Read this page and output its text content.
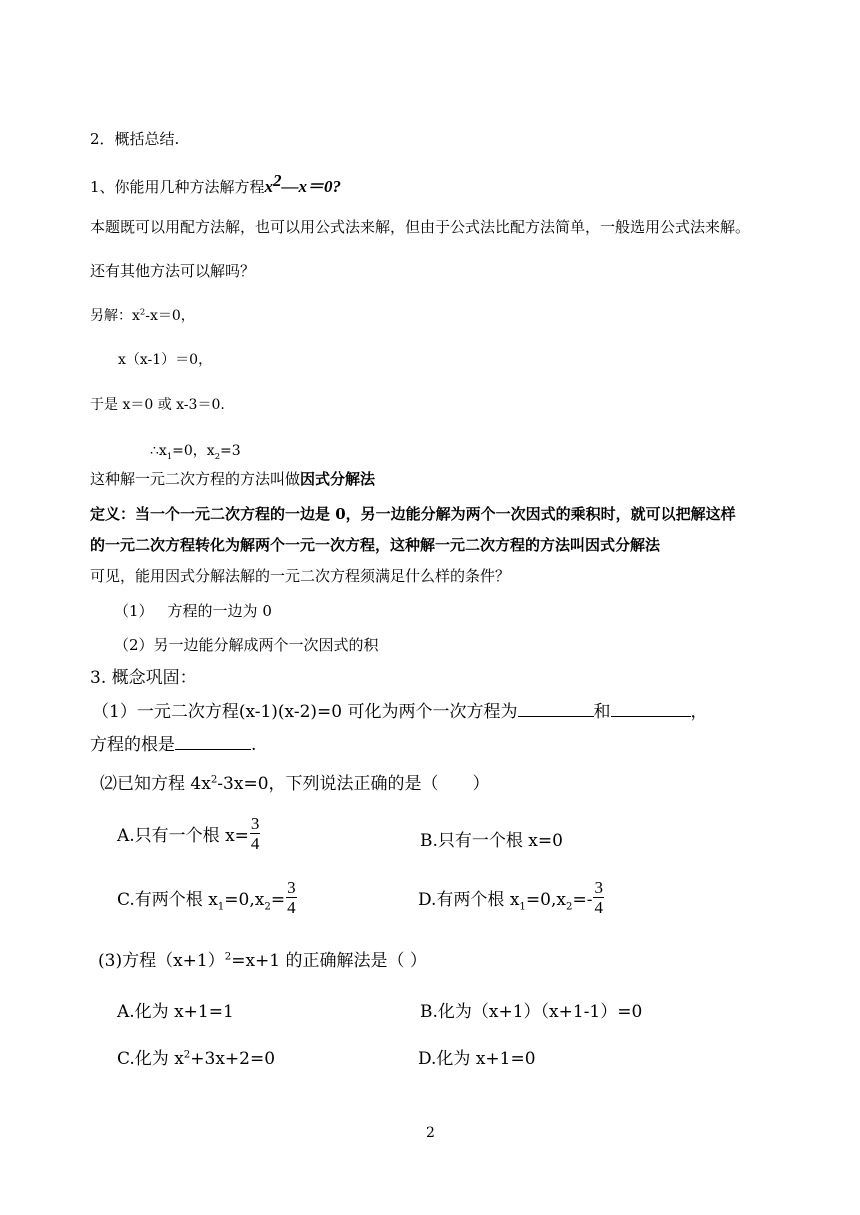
2．概括总结.
1、你能用几种方法解方程$x^2—x=0$?
本题既可以用配方法解，也可以用公式法来解，但由于公式法比配方法简单，一般选用公式法来解。
还有其他方法可以解吗？
另解：$x^2-x=0$，
x（x-1）＝0，
于是 x＝0 或 x-3＝0.
$\therefore x_1=0$，$x_2=3$
这种解一元二次方程的方法叫做因式分解法
定义：当一个一元二次方程的一边是 0，另一边能分解为两个一次因式的乘积时，就可以把解这样
的一元二次方程转化为解两个一元一次方程，这种解一元二次方程的方法叫因式分解法
可见，能用因式分解法解的一元二次方程须满足什么样的条件？
（1） 方程的一边为 0
（2）另一边能分解成两个一次因式的积
3. 概念巩固：
（1）一元二次方程(x-1)(x-2)=0 可化为两个一次方程为	和	，
方程的根是	.
⑵已知方程 $4x^2-3x=0$，下列说法正确的是（　　）
A.只有一个根 $x= \frac{3}{4}$	B.只有一个根 x=0
C.有两个根 $x_1=0,x_2= \frac{3}{4}$	D.有两个根 $x_1=0,x_2=- \frac{3}{4}$
(3)方程$(x+1)^2=x+1$ 的正确解法是（ ）
A.化为 x+1=1	B.化为（x+1）（x+1-1）=0
C.化为 $x^2+3x+2=0$	D.化为 x+1=0
2
